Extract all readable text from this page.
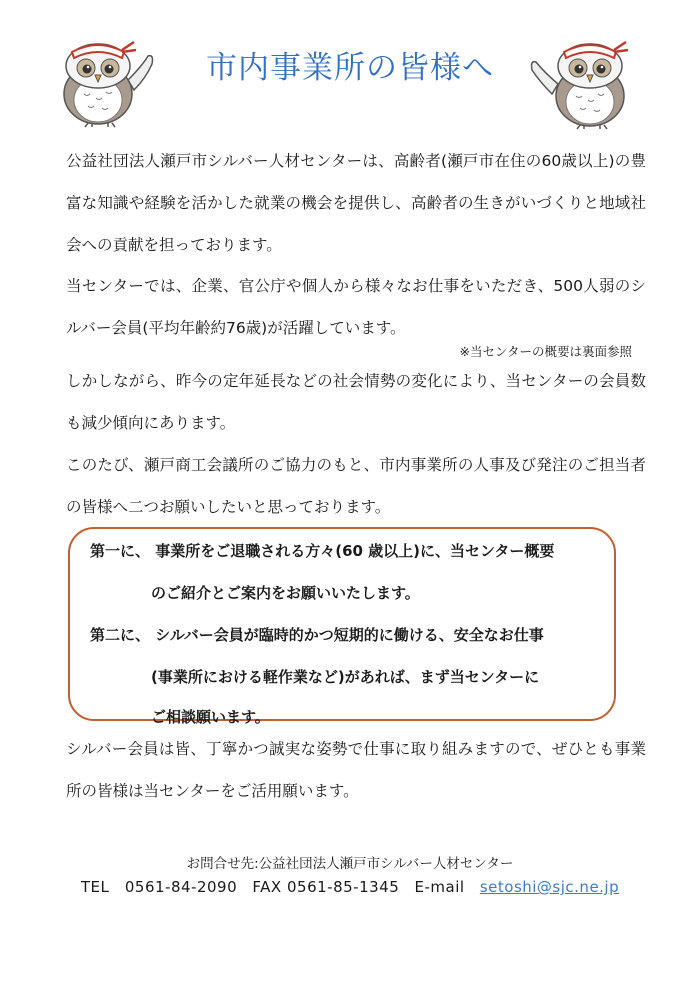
市内事業所の皆様へ

公益社団法人瀬戸市シルバー人材センターは、高齢者(瀬戸市在住の60歳以上)の豊富な知識や経験を活かした就業の機会を提供し、高齢者の生きがいづくりと地域社会への貢献を担っております。

当センターでは、企業、官公庁や個人から様々なお仕事をいただき、500人弱のシルバー会員(平均年齢約76歳)が活躍しています。

※当センターの概要は裏面参照

しかしながら、昨今の定年延長などの社会情勢の変化により、当センターの会員数も減少傾向にあります。

このたび、瀬戸商工会議所のご協力のもと、市内事業所の人事及び発注のご担当者の皆様へ二つお願いしたいと思っております。

第一に、 事業所をご退職される方々(60 歳以上)に、当センター概要
のご紹介とご案内をお願いいたします。
第二に、 シルバー会員が臨時的かつ短期的に働ける、安全なお仕事
(事業所における軽作業など)があれば、まず当センターに
ご相談願います。

シルバー会員は皆、丁寧かつ誠実な姿勢で仕事に取り組みますので、ぜひとも事業所の皆様は当センターをご活用願います。

お問合せ先:公益社団法人瀬戸市シルバー人材センター
TEL　0561-84-2090 FAX 0561-85-1345 E-mail setoshi@sjc.ne.jp
